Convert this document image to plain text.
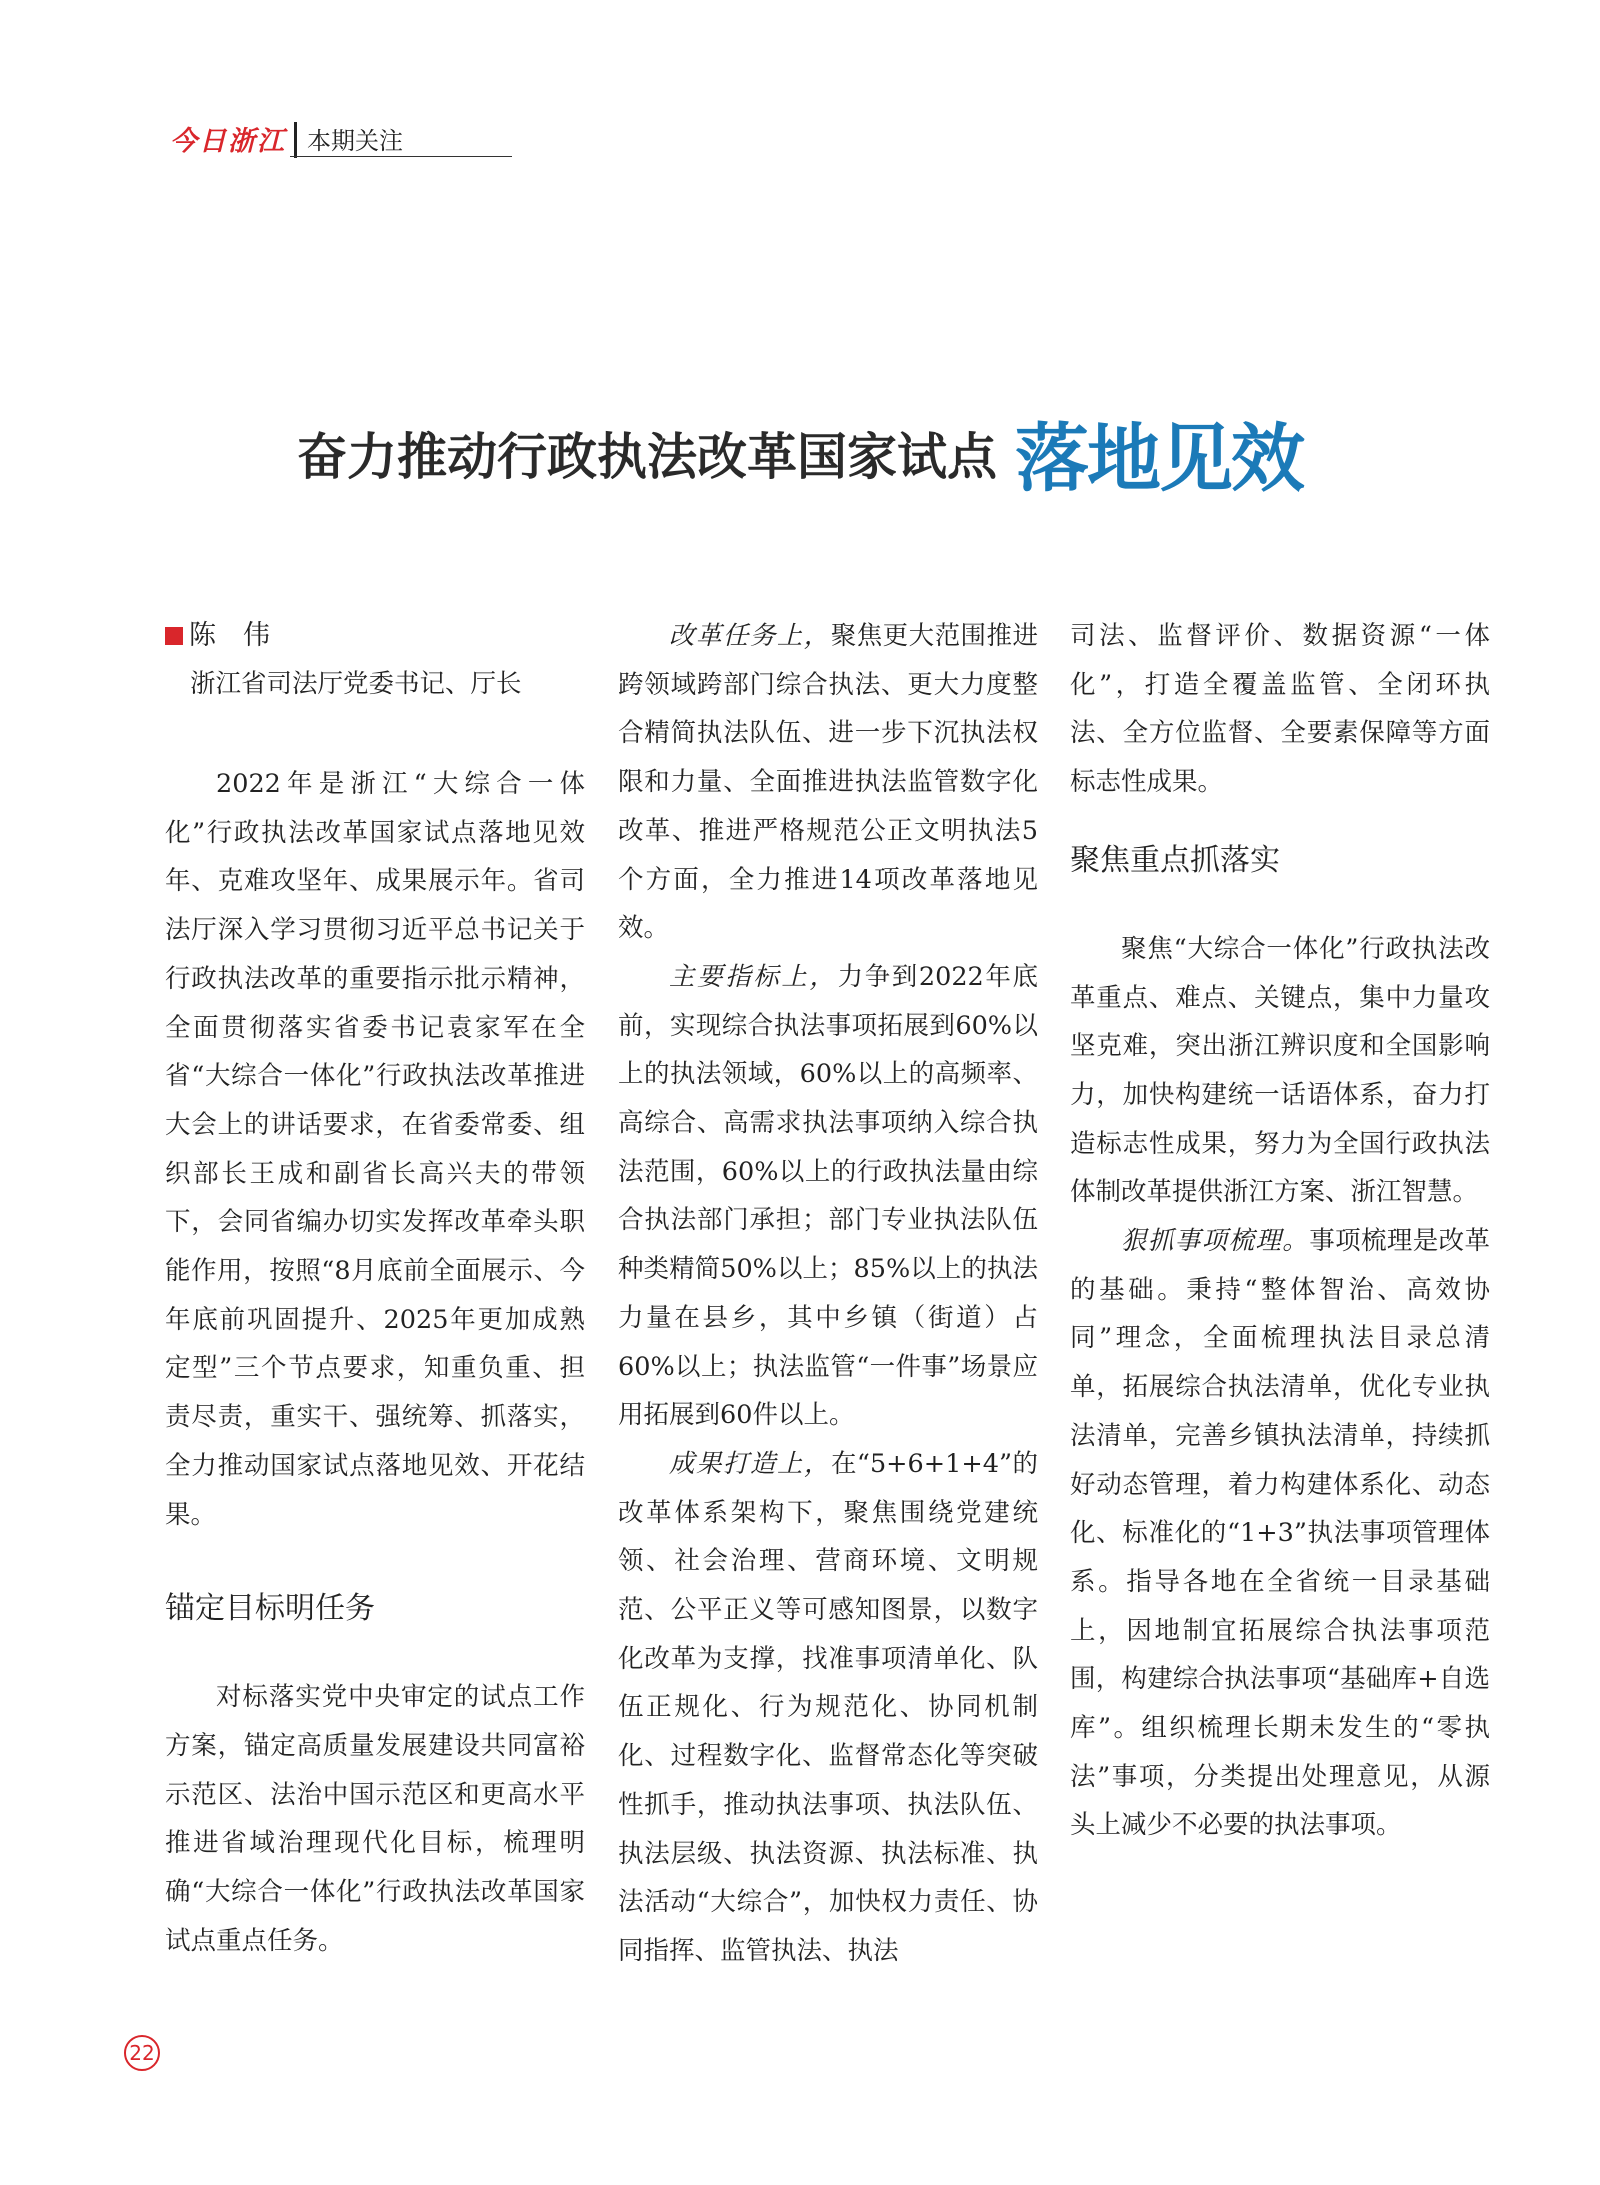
今日浙江 本期关注
奋力推动行政执法改革国家试点 落地见效

陈　伟

浙江省司法厅党委书记、厅长

2022年是浙江“大综合一体化”行政执法改革国家试点落地见效年、克难攻坚年、成果展示年。省司法厅深入学习贯彻习近平总书记关于行政执法改革的重要指示批示精神，全面贯彻落实省委书记袁家军在全省“大综合一体化”行政执法改革推进大会上的讲话要求，在省委常委、组织部长王成和副省长高兴夫的带领下，会同省编办切实发挥改革牵头职能作用，按照“8月底前全面展示、今年底前巩固提升、2025年更加成熟定型”三个节点要求，知重负重、担责尽责，重实干、强统筹、抓落实，全力推动国家试点落地见效、开花结果。

锚定目标明任务

对标落实党中央审定的试点工作方案，锚定高质量发展建设共同富裕示范区、法治中国示范区和更高水平推进省域治理现代化目标，梳理明确“大综合一体化”行政执法改革国家试点重点任务。

改革任务上，聚焦更大范围推进跨领域跨部门综合执法、更大力度整合精简执法队伍、进一步下沉执法权限和力量、全面推进执法监管数字化改革、推进严格规范公正文明执法5个方面，全力推进14项改革落地见效。

主要指标上，力争到2022年底前，实现综合执法事项拓展到60%以上的执法领域，60%以上的高频率、高综合、高需求执法事项纳入综合执法范围，60%以上的行政执法量由综合执法部门承担；部门专业执法队伍种类精简50%以上；85%以上的执法力量在县乡，其中乡镇（街道）占60%以上；执法监管“一件事”场景应用拓展到60件以上。

成果打造上，在“5+6+1+4”的改革体系架构下，聚焦围绕党建统领、社会治理、营商环境、文明规范、公平正义等可感知图景，以数字化改革为支撑，找准事项清单化、队伍正规化、行为规范化、协同机制化、过程数字化、监督常态化等突破性抓手，推动执法事项、执法队伍、执法层级、执法资源、执法标准、执法活动“大综合”，加快权力责任、协同指挥、监管执法、执法

司法、监督评价、数据资源“一体化”，打造全覆盖监管、全闭环执法、全方位监督、全要素保障等方面标志性成果。

聚焦重点抓落实

聚焦“大综合一体化”行政执法改革重点、难点、关键点，集中力量攻坚克难，突出浙江辨识度和全国影响力，加快构建统一话语体系，奋力打造标志性成果，努力为全国行政执法体制改革提供浙江方案、浙江智慧。

狠抓事项梳理。事项梳理是改革的基础。秉持“整体智治、高效协同”理念，全面梳理执法目录总清单，拓展综合执法清单，优化专业执法清单，完善乡镇执法清单，持续抓好动态管理，着力构建体系化、动态化、标准化的“1+3”执法事项管理体系。指导各地在全省统一目录基础上，因地制宜拓展综合执法事项范围，构建综合执法事项“基础库+自选库”。组织梳理长期未发生的“零执法”事项，分类提出处理意见，从源头上减少不必要的执法事项。

22
